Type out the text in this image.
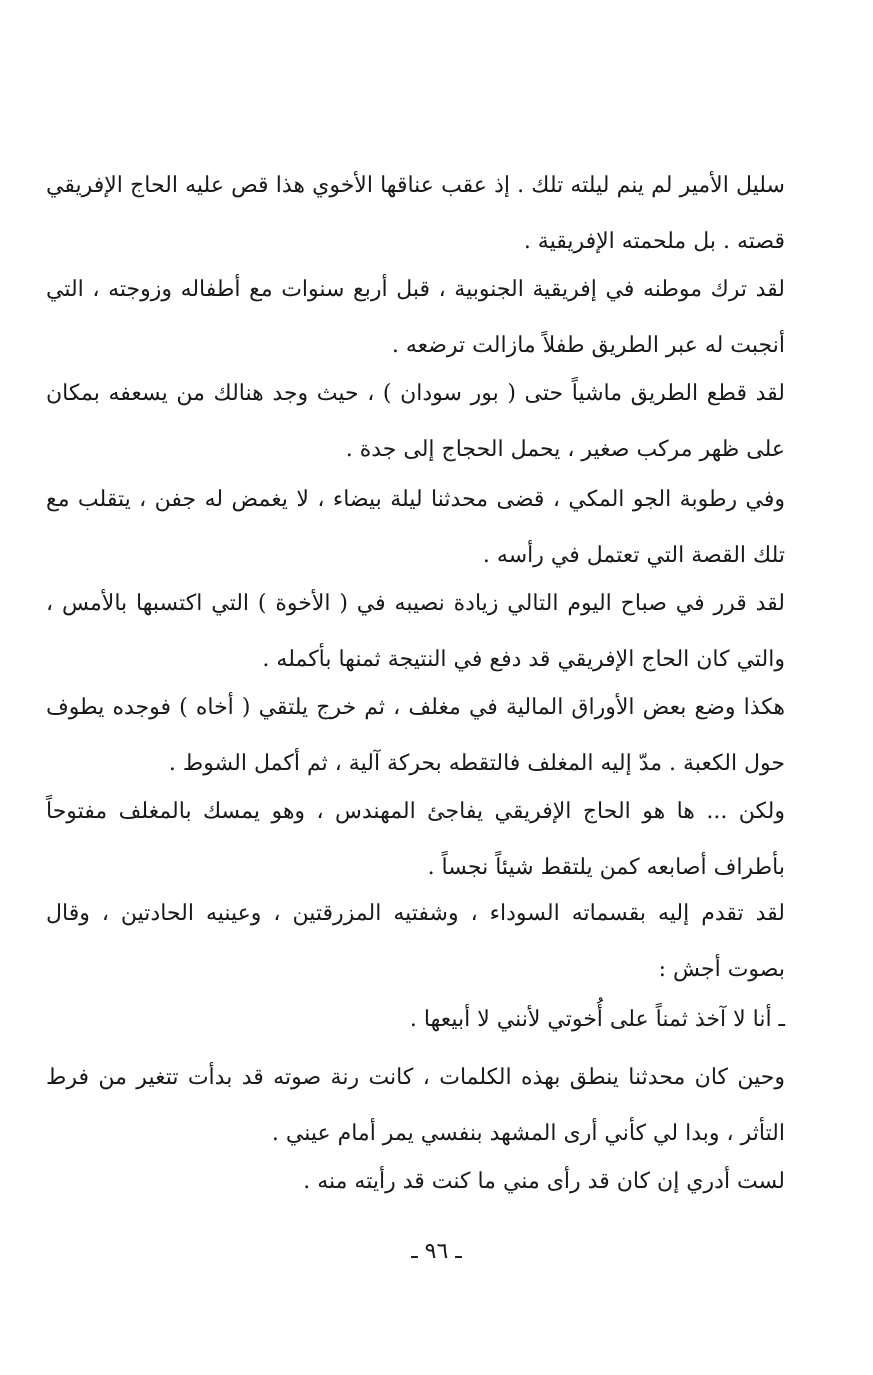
سليل الأمير لم ينم ليلته تلك . إذ عقب عناقها الأخوي هذا قص عليه الحاج الإفريقي قصته . بل ملحمته الإفريقية .

لقد ترك موطنه في إفريقية الجنوبية ، قبل أربع سنوات مع أطفاله وزوجته ، التي أنجبت له عبر الطريق طفلاً مازالت ترضعه .

لقد قطع الطريق ماشياً حتى ( بور سودان ) ، حيث وجد هنالك من يسعفه بمكان على ظهر مركب صغير ، يحمل الحجاج إلى جدة .

وفي رطوبة الجو المكي ، قضى محدثنا ليلة بيضاء ، لا يغمض له جفن ، يتقلب مع تلك القصة التي تعتمل في رأسه .

لقد قرر في صباح اليوم التالي زيادة نصيبه في ( الأخوة ) التي اكتسبها بالأمس ، والتي كان الحاج الإفريقي قد دفع في النتيجة ثمنها بأكمله .

هكذا وضع بعض الأوراق المالية في مغلف ، ثم خرج يلتقي ( أخاه ) فوجده يطوف حول الكعبة . مدّ إليه المغلف فالتقطه بحركة آلية ، ثم أكمل الشوط .

ولكن ... ها هو الحاج الإفريقي يفاجئ المهندس ، وهو يمسك بالمغلف مفتوحاً بأطراف أصابعه كمن يلتقط شيئاً نجساً .

لقد تقدم إليه بقسماته السوداء ، وشفتيه المزرقتين ، وعينيه الحادتين ، وقال بصوت أجش :

ـ أنا لا آخذ ثمناً على أُخوتي لأنني لا أبيعها .

وحين كان محدثنا ينطق بهذه الكلمات ، كانت رنة صوته قد بدأت تتغير من فرط التأثر ، وبدا لي كأني أرى المشهد بنفسي يمر أمام عيني .

لست أدري إن كان قد رأى مني ما كنت قد رأيته منه .

ـ ٩٦ ـ
